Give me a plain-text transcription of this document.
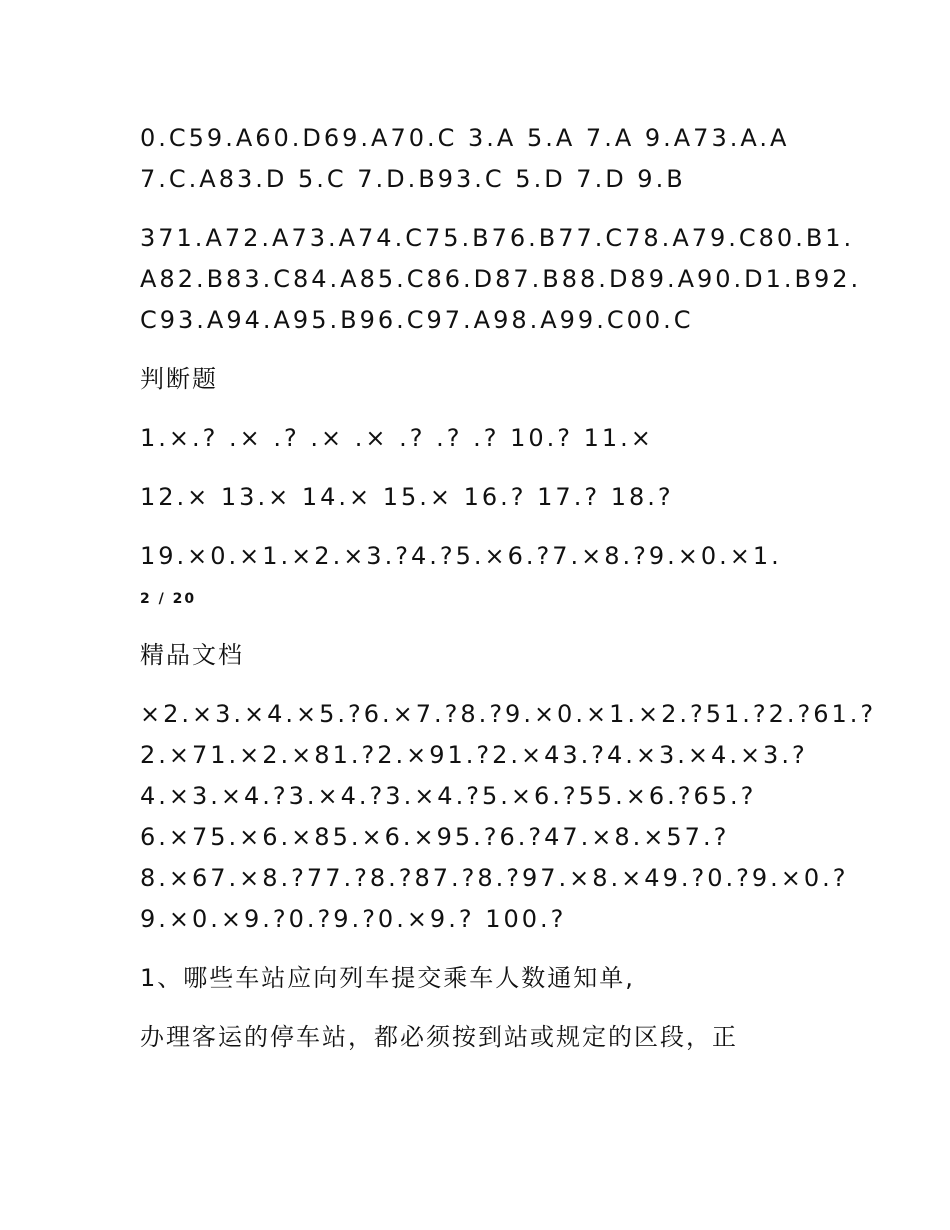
0.C59.A60.D69.A70.C 3.A 5.A 7.A 9.A73.A.A
7.C.A83.D 5.C 7.D.B93.C 5.D 7.D 9.B
371.A72.A73.A74.C75.B76.B77.C78.A79.C80.B1.
A82.B83.C84.A85.C86.D87.B88.D89.A90.D1.B92.
C93.A94.A95.B96.C97.A98.A99.C00.C
判断题
1.×.? .× .? .× .× .? .? .? 10.? 11.×
12.× 13.× 14.× 15.× 16.? 17.? 18.?
19.×0.×1.×2.×3.?4.?5.×6.?7.×8.?9.×0.×1.
2 / 20
精品文档
×2.×3.×4.×5.?6.×7.?8.?9.×0.×1.×2.?51.?2.?61.?
2.×71.×2.×81.?2.×91.?2.×43.?4.×3.×4.×3.?
4.×3.×4.?3.×4.?3.×4.?5.×6.?55.×6.?65.?
6.×75.×6.×85.×6.×95.?6.?47.×8.×57.?
8.×67.×8.?77.?8.?87.?8.?97.×8.×49.?0.?9.×0.?
9.×0.×9.?0.?9.?0.×9.? 100.?
1、哪些车站应向列车提交乘车人数通知单,
办理客运的停车站，都必须按到站或规定的区段，正
